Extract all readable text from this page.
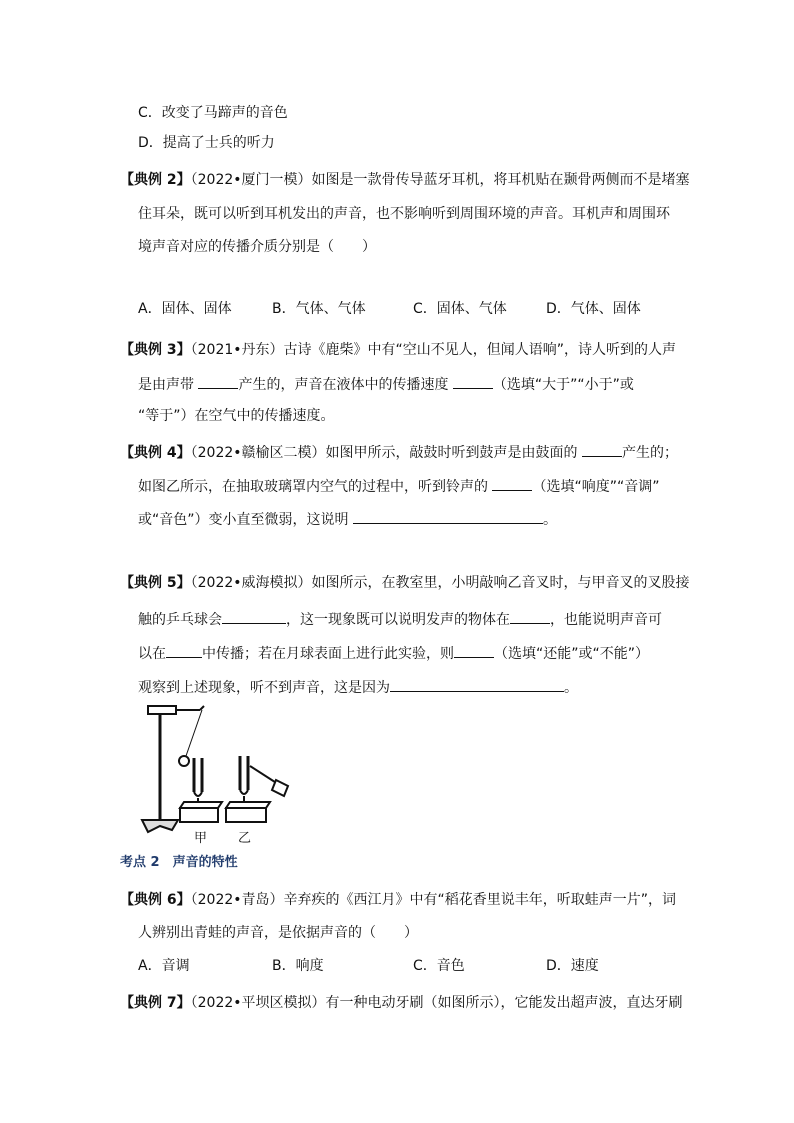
C．改变了马蹄声的音色
D．提高了士兵的听力
【典例 2】（2022•厦门一模）如图是一款骨传导蓝牙耳机，将耳机贴在颞骨两侧而不是堵塞
住耳朵，既可以听到耳机发出的声音，也不影响听到周围环境的声音。耳机声和周围环
境声音对应的传播介质分别是（　　）
A．固体、固体	B．气体、气体	C．固体、气体	D．气体、固体
【典例 3】（2021•丹东）古诗《鹿柴》中有“空山不见人，但闻人语响”，诗人听到的人声
是由声带	产生的，声音在液体中的传播速度	（选填“大于”“小于”或
“等于”）在空气中的传播速度。
【典例 4】（2022•赣榆区二模）如图甲所示，敲鼓时听到鼓声是由鼓面的	产生的；
如图乙所示，在抽取玻璃罩内空气的过程中，听到铃声的	（选填“响度”“音调”
或“音色”）变小直至微弱，这说明	。
【典例 5】（2022•威海模拟）如图所示，在教室里，小明敲响乙音叉时，与甲音叉的叉股接
触的乒乓球会	，这一现象既可以说明发声的物体在	，也能说明声音可
以在	中传播；若在月球表面上进行此实验，则	（选填“还能”或“不能”）
观察到上述现象，听不到声音，这是因为	。
甲 乙
考点 2　声音的特性
【典例 6】（2022•青岛）辛弃疾的《西江月》中有“稻花香里说丰年，听取蛙声一片”，词
人辨别出青蛙的声音，是依据声音的（　　）
A．音调	B．响度	C．音色	D．速度
【典例 7】（2022•平坝区模拟）有一种电动牙刷（如图所示），它能发出超声波，直达牙刷
